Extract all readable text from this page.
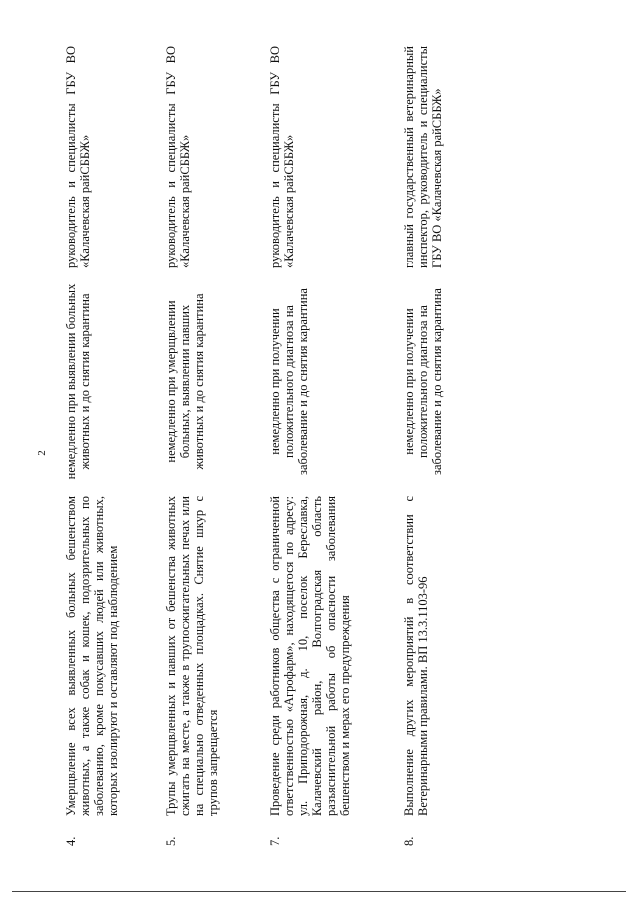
2
4.
Умерщвление всех выявленных больных бешенством животных, а также собак и кошек, подозрительных по заболеванию, кроме покусавших людей или животных, которых изолируют и оставляют под наблюдением
немедленно при выявлении больных животных и до снятия карантина
руководитель и специалисты ГБУ ВО «Калачевская райСББЖ»
5.
Трупы умерщвленных и павших от бешенства животных сжигать на месте, а также в трупосжигательных печах или на специально отведенных площадках. Снятие шкур с трупов запрещается
немедленно при умерщвлении больных, выявлении павших животных и до снятия карантина
руководитель и специалисты ГБУ ВО «Калачевская райСББЖ»
7.
Проведение среди работников общества с ограниченной ответственностью «Агрофарм», находящегося по адресу: ул. Приподорожная, д. 10, поселок Береславка, Калачевский район, Волгоградская область разъяснительной работы об опасности заболевания бешенством и мерах его предупреждения
немедленно при получении положительного диагноза на заболевание и до снятия карантина
руководитель и специалисты ГБУ ВО «Калачевская райСББЖ»
8.
Выполнение других мероприятий в соответствии с Ветеринарными правилами. ВП 13.3.1103-96
немедленно при получении положительного диагноза на заболевание и до снятия карантина
главный государственный ветеринарный инспектор, руководитель и специалисты ГБУ ВО «Калачевская райСББЖ»
